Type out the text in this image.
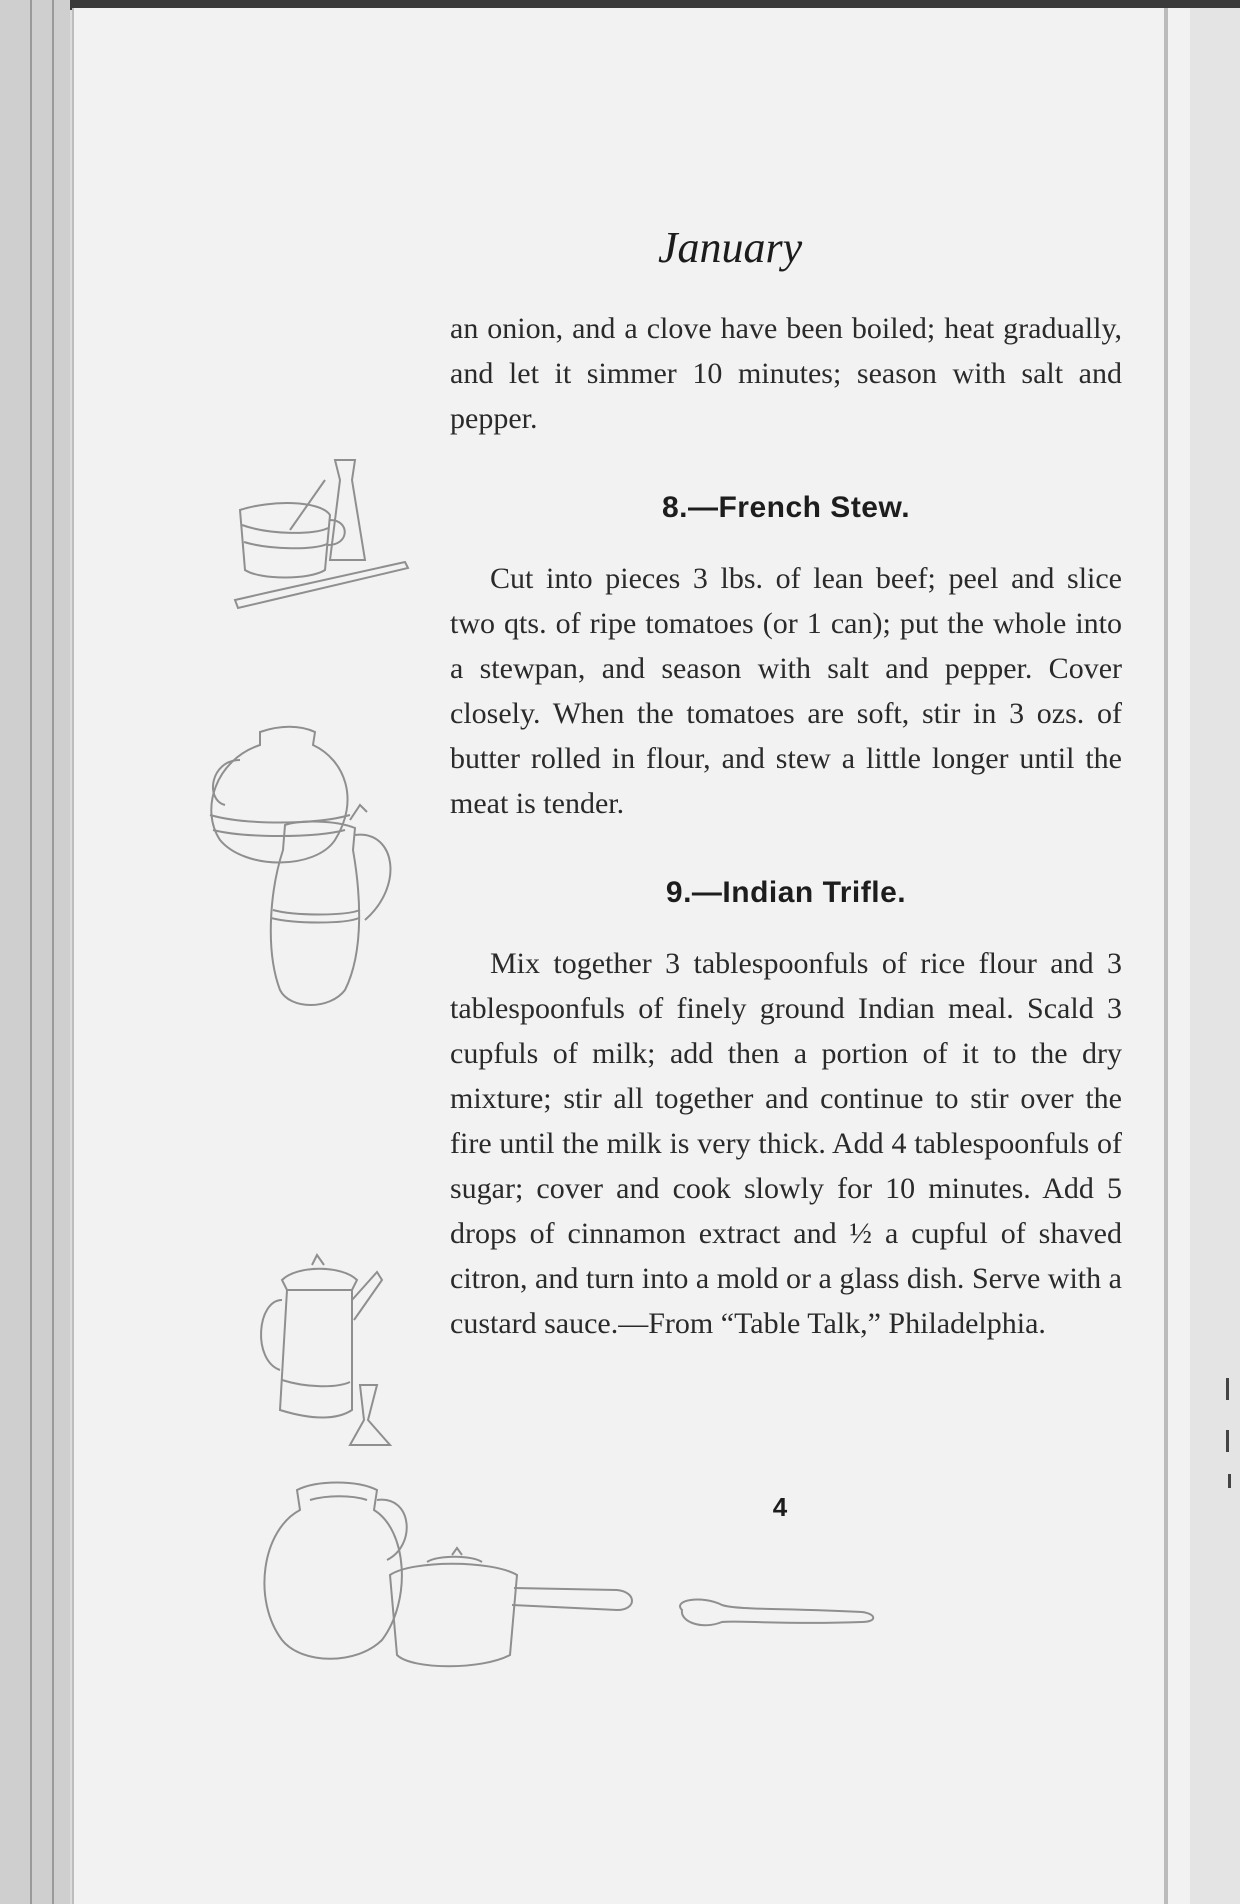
January

an onion, and a clove have been boiled; heat gradually, and let it simmer 10 minutes; season with salt and pepper.

8.—French Stew.

Cut into pieces 3 lbs. of lean beef; peel and slice two qts. of ripe tomatoes (or 1 can); put the whole into a stewpan, and season with salt and pepper. Cover closely. When the tomatoes are soft, stir in 3 ozs. of butter rolled in flour, and stew a little longer until the meat is tender.

9.—Indian Trifle.

Mix together 3 tablespoonfuls of rice flour and 3 tablespoonfuls of finely ground Indian meal. Scald 3 cupfuls of milk; add then a portion of it to the dry mixture; stir all together and continue to stir over the fire until the milk is very thick. Add 4 tablespoonfuls of sugar; cover and cook slowly for 10 minutes. Add 5 drops of cinnamon extract and ½ a cupful of shaved citron, and turn into a mold or a glass dish. Serve with a custard sauce.—From “Table Talk,” Philadelphia.

4
